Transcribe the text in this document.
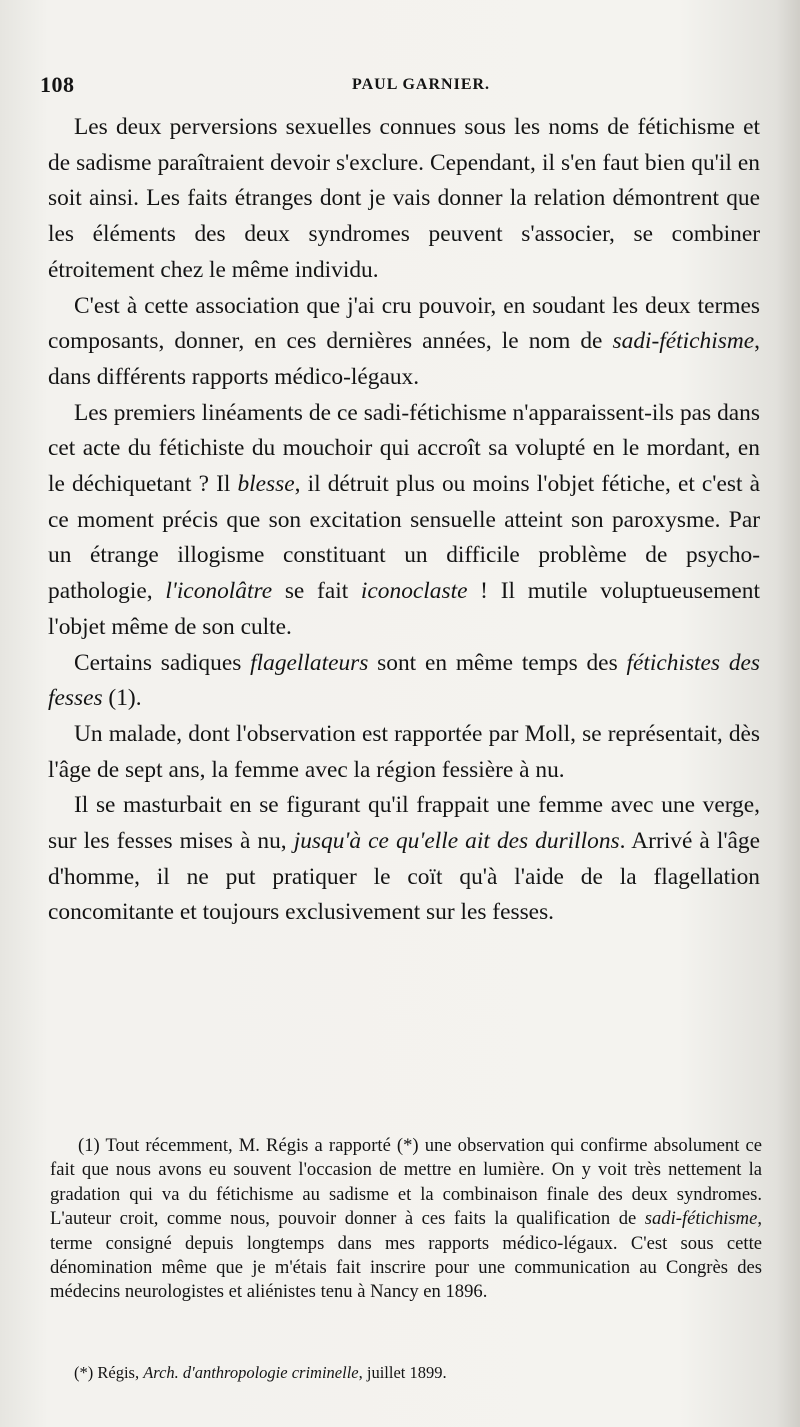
108	PAUL GARNIER.

Les deux perversions sexuelles connues sous les noms de fétichisme et de sadisme paraîtraient devoir s'exclure. Cependant, il s'en faut bien qu'il en soit ainsi. Les faits étranges dont je vais donner la relation démontrent que les éléments des deux syndromes peuvent s'associer, se combiner étroitement chez le même individu.

C'est à cette association que j'ai cru pouvoir, en soudant les deux termes composants, donner, en ces dernières années, le nom de sadi-fétichisme, dans différents rapports médico-légaux.

Les premiers linéaments de ce sadi-fétichisme n'apparaissent-ils pas dans cet acte du fétichiste du mouchoir qui accroît sa volupté en le mordant, en le déchiquetant ? Il blesse, il détruit plus ou moins l'objet fétiche, et c'est à ce moment précis que son excitation sensuelle atteint son paroxysme. Par un étrange illogisme constituant un difficile problème de psycho-pathologie, l'iconolâtre se fait iconoclaste ! Il mutile voluptueusement l'objet même de son culte.

Certains sadiques flagellateurs sont en même temps des fétichistes des fesses (1).

Un malade, dont l'observation est rapportée par Moll, se représentait, dès l'âge de sept ans, la femme avec la région fessière à nu.

Il se masturbait en se figurant qu'il frappait une femme avec une verge, sur les fesses mises à nu, jusqu'à ce qu'elle ait des durillons. Arrivé à l'âge d'homme, il ne put pratiquer le coït qu'à l'aide de la flagellation concomitante et toujours exclusivement sur les fesses.

(1) Tout récemment, M. Régis a rapporté (*) une observation qui confirme absolument ce fait que nous avons eu souvent l'occasion de mettre en lumière. On y voit très nettement la gradation qui va du fétichisme au sadisme et la combinaison finale des deux syndromes. L'auteur croit, comme nous, pouvoir donner à ces faits la qualification de sadi-fétichisme, terme consigné depuis longtemps dans mes rapports médico-légaux. C'est sous cette dénomination même que je m'étais fait inscrire pour une communication au Congrès des médecins neurologistes et aliénistes tenu à Nancy en 1896.

(*) Régis, Arch. d'anthropologie criminelle, juillet 1899.
